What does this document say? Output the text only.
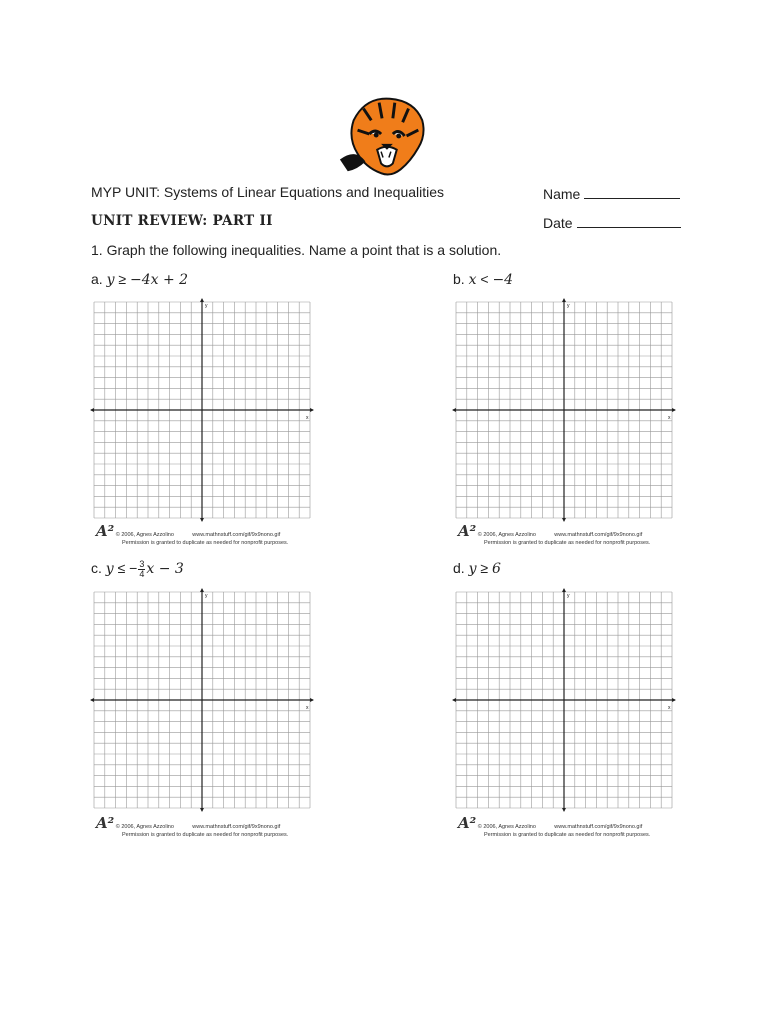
MYP UNIT: Systems of Linear Equations and Inequalities	Name
UNIT REVIEW: PART II	Date
1. Graph the following inequalities. Name a point that is a solution.
a. y ≥ −4x + 2	b. x < −4
c. y ≤ − $\frac{3}{4}$ x − 3	d. y ≥ 6
x
y
x
y
x
y
x
y
A² © 2006, Agnes Azzolino	www.mathnstuff.com/gif/9x9nono.gif
Permission is granted to duplicate as needed for nonprofit purposes.
A² © 2006, Agnes Azzolino	www.mathnstuff.com/gif/9x9nono.gif
Permission is granted to duplicate as needed for nonprofit purposes.
A² © 2006, Agnes Azzolino	www.mathnstuff.com/gif/9x9nono.gif
Permission is granted to duplicate as needed for nonprofit purposes.
A² © 2006, Agnes Azzolino	www.mathnstuff.com/gif/9x9nono.gif
Permission is granted to duplicate as needed for nonprofit purposes.
